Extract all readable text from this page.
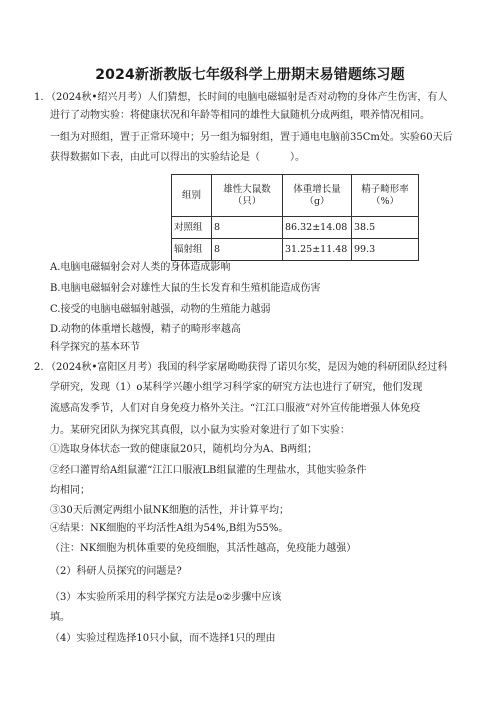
2024新浙教版七年级科学上册期末易错题练习题
1. （2024秋•绍兴月考）人们猜想，长时间的电脑电磁辐射是否对动物的身体产生伤害，有人
进行了动物实验：将健康状况和年龄等相同的雄性大鼠随机分成两组，喂养情况相同。
一组为对照组，置于正常环境中；另一组为辐射组，置于通电电脑前35Cm处。实验60天后
获得数据如下表，由此可以得出的实验结论是（　　　）。
组别	雄性大鼠数（只）	体重增长量（g）	精子畸形率（%）
对照组	8	86.32±14.08	38.5
辐射组	8	31.25±11.48	99.3
A.电脑电磁辐射会对人类的身体造成影响
B.电脑电磁辐射会对雄性大鼠的生长发育和生殖机能造成伤害
C.接受的电脑电磁辐射越强，动物的生殖能力越弱
D.动物的体重增长越慢，精子的畸形率越高
科学探究的基本环节
2. （2024秋•富阳区月考）我国的科学家屠呦呦获得了诺贝尔奖，是因为她的科研团队经过科
学研究，发现（1）o某科学兴趣小组学习科学家的研究方法也进行了研究，他们发现
流感高发季节，人们对自身免疫力格外关注。“江江口服液”对外宣传能增强人体免疫
力。某研究团队为探究其真假，以小鼠为实验对象进行了如下实验：
①选取身体状态一致的健康鼠20只，随机均分为A、B两组；
②经口灌胃给A组鼠灌“江江口服液LB组鼠灌的生理盐水，其他实验条件
均相同；
③30天后测定两组小鼠NK细胞的活性，并计算平均；
④结果：NK细胞的平均活性A组为54%,B组为55%。
（注：NK细胞为机体重要的免疫细胞，其活性越高，免疫能力越强）
（2）科研人员探究的问题是?
（3）本实验所采用的科学探究方法是o②步骤中应该
填。
（4）实验过程选择10只小鼠，而不选择1只的理由
